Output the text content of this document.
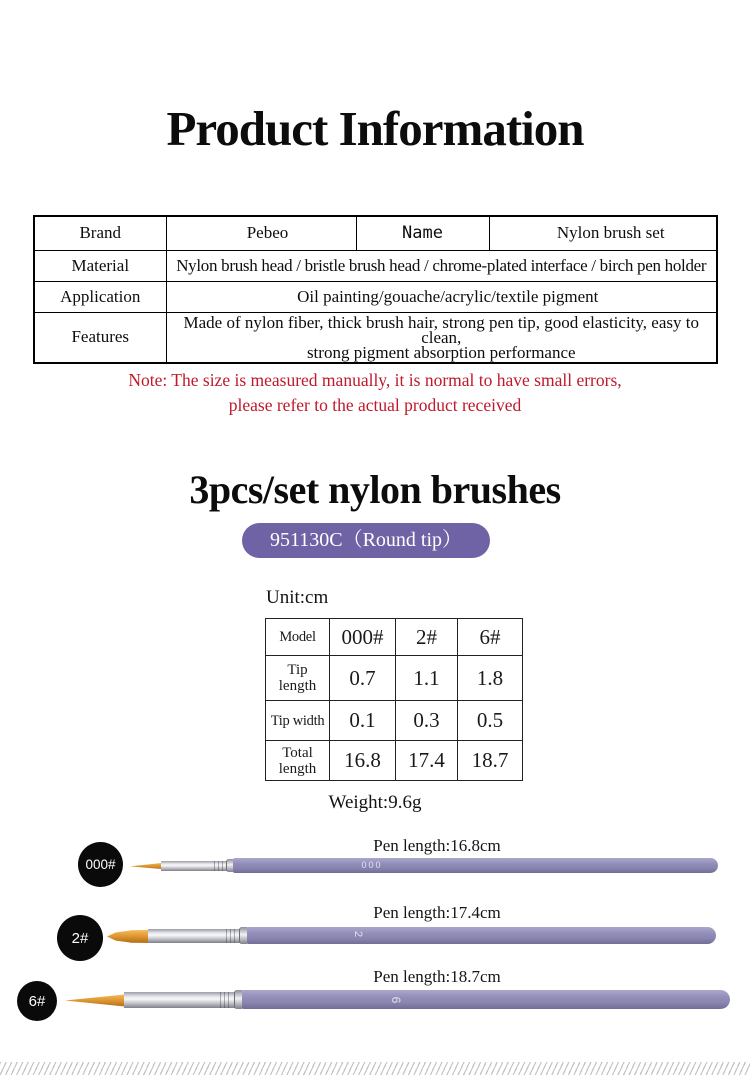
Product Information
Brand	Pebeo	Name	Nylon brush set
Material	Nylon brush head / bristle brush head / chrome-plated interface / birch pen holder		
Application	Oil painting/gouache/acrylic/textile pigment		
Features	Made of nylon fiber, thick brush hair, strong pen tip, good elasticity, easy to clean,
strong pigment absorption performance		
Note: The size is measured manually, it is normal to have small errors,
please refer to the actual product received
3pcs/set nylon brushes
951130C（Round tip）
Unit:cm
Model	000#	2#	6#
Tip length	0.7	1.1	1.8
Tip width	0.1	0.3	0.5
Total length	16.8	17.4	18.7
Weight:9.6g
Pen length:16.8cm
000#	000
Pen length:17.4cm
2#	2
Pen length:18.7cm
6#	6
